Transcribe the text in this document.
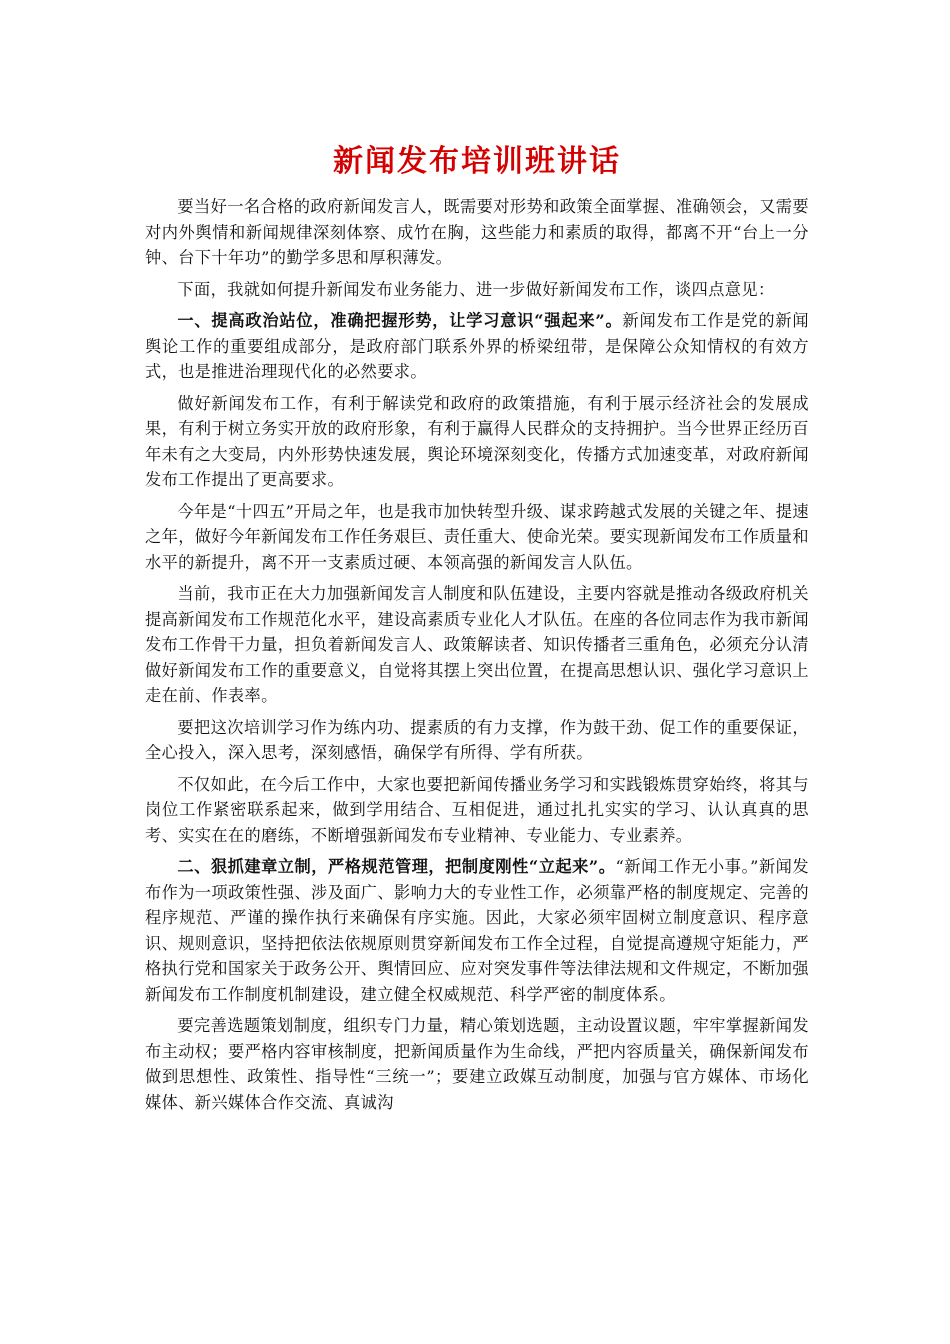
新闻发布培训班讲话

要当好一名合格的政府新闻发言人，既需要对形势和政策全面掌握、准确领会，又需要对内外舆情和新闻规律深刻体察、成竹在胸，这些能力和素质的取得，都离不开“台上一分钟、台下十年功”的勤学多思和厚积薄发。

下面，我就如何提升新闻发布业务能力、进一步做好新闻发布工作，谈四点意见：

一、提高政治站位，准确把握形势，让学习意识“强起来”。新闻发布工作是党的新闻舆论工作的重要组成部分，是政府部门联系外界的桥梁纽带，是保障公众知情权的有效方式，也是推进治理现代化的必然要求。

做好新闻发布工作，有利于解读党和政府的政策措施，有利于展示经济社会的发展成果，有利于树立务实开放的政府形象，有利于赢得人民群众的支持拥护。当今世界正经历百年未有之大变局，内外形势快速发展，舆论环境深刻变化，传播方式加速变革，对政府新闻发布工作提出了更高要求。

今年是“十四五”开局之年，也是我市加快转型升级、谋求跨越式发展的关键之年、提速之年，做好今年新闻发布工作任务艰巨、责任重大、使命光荣。要实现新闻发布工作质量和水平的新提升，离不开一支素质过硬、本领高强的新闻发言人队伍。

当前，我市正在大力加强新闻发言人制度和队伍建设，主要内容就是推动各级政府机关提高新闻发布工作规范化水平，建设高素质专业化人才队伍。在座的各位同志作为我市新闻发布工作骨干力量，担负着新闻发言人、政策解读者、知识传播者三重角色，必须充分认清做好新闻发布工作的重要意义，自觉将其摆上突出位置，在提高思想认识、强化学习意识上走在前、作表率。

要把这次培训学习作为练内功、提素质的有力支撑，作为鼓干劲、促工作的重要保证，全心投入，深入思考，深刻感悟，确保学有所得、学有所获。

不仅如此，在今后工作中，大家也要把新闻传播业务学习和实践锻炼贯穿始终，将其与岗位工作紧密联系起来，做到学用结合、互相促进，通过扎扎实实的学习、认认真真的思考、实实在在的磨练，不断增强新闻发布专业精神、专业能力、专业素养。

二、狠抓建章立制，严格规范管理，把制度刚性“立起来”。“新闻工作无小事。”新闻发布作为一项政策性强、涉及面广、影响力大的专业性工作，必须靠严格的制度规定、完善的程序规范、严谨的操作执行来确保有序实施。因此，大家必须牢固树立制度意识、程序意识、规则意识，坚持把依法依规原则贯穿新闻发布工作全过程，自觉提高遵规守矩能力，严格执行党和国家关于政务公开、舆情回应、应对突发事件等法律法规和文件规定，不断加强新闻发布工作制度机制建设，建立健全权威规范、科学严密的制度体系。

要完善选题策划制度，组织专门力量，精心策划选题，主动设置议题，牢牢掌握新闻发布主动权；要严格内容审核制度，把新闻质量作为生命线，严把内容质量关，确保新闻发布做到思想性、政策性、指导性“三统一”；要建立政媒互动制度，加强与官方媒体、市场化媒体、新兴媒体合作交流、真诚沟
